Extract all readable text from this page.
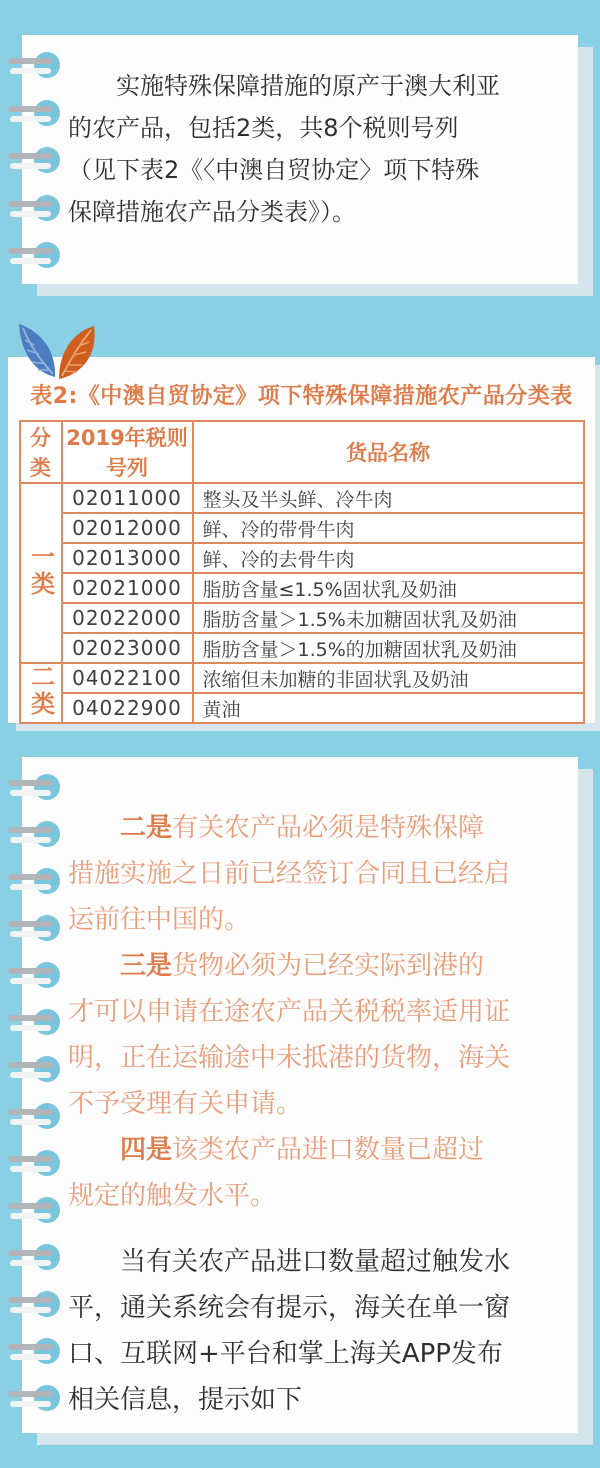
实施特殊保障措施的原产于澳大利亚的农产品，包括2类，共8个税则号列（见下表2《〈中澳自贸协定〉项下特殊保障措施农产品分类表》）。

表2:《中澳自贸协定》项下特殊保障措施农产品分类表
分类	2019年税则号列	货品名称
一类	02011000	整头及半头鲜、冷牛肉
	02012000	鲜、冷的带骨牛肉
	02013000	鲜、冷的去骨牛肉
	02021000	脂肪含量≤1.5%固状乳及奶油
	02022000	脂肪含量＞1.5%未加糖固状乳及奶油
	02023000	脂肪含量＞1.5%的加糖固状乳及奶油
二类	04022100	浓缩但未加糖的非固状乳及奶油
	04022900	黄油

二是有关农产品必须是特殊保障措施实施之日前已经签订合同且已经启运前往中国的。

三是货物必须为已经实际到港的才可以申请在途农产品关税税率适用证明，正在运输途中未抵港的货物，海关不予受理有关申请。

四是该类农产品进口数量已超过规定的触发水平。

当有关农产品进口数量超过触发水平，通关系统会有提示，海关在单一窗口、互联网+平台和掌上海关APP发布相关信息，提示如下
